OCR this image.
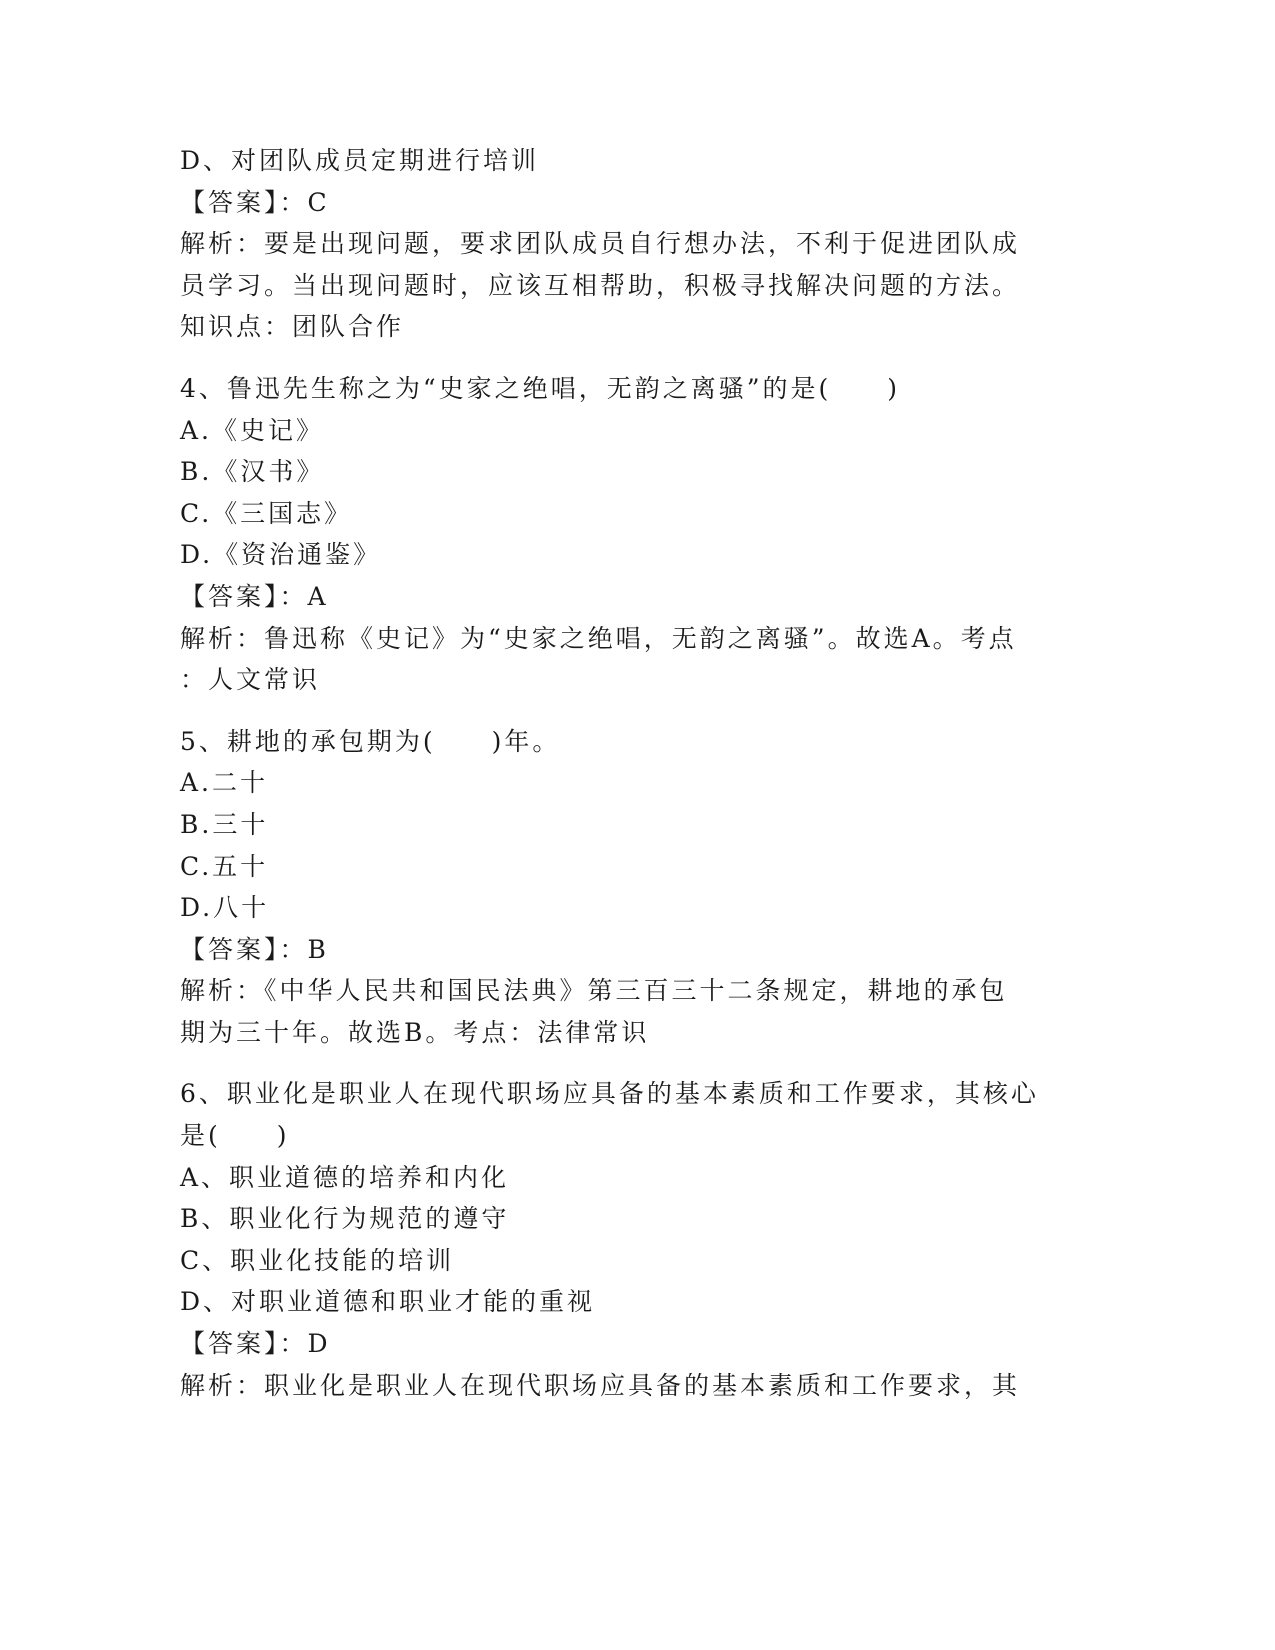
D、对团队成员定期进行培训

【答案】：C

解析：要是出现问题，要求团队成员自行想办法，不利于促进团队成

员学习。当出现问题时，应该互相帮助，积极寻找解决问题的方法。

知识点：团队合作

4、鲁迅先生称之为“史家之绝唱，无韵之离骚”的是(　　)

A.《史记》

B.《汉书》

C.《三国志》

D.《资治通鉴》

【答案】：A

解析：鲁迅称《史记》为“史家之绝唱，无韵之离骚”。故选A。考点

：人文常识

5、耕地的承包期为(　　)年。

A.二十

B.三十

C.五十

D.八十

【答案】：B

解析：《中华人民共和国民法典》第三百三十二条规定，耕地的承包

期为三十年。故选B。考点：法律常识

6、职业化是职业人在现代职场应具备的基本素质和工作要求，其核心

是(　　)

A、职业道德的培养和内化

B、职业化行为规范的遵守

C、职业化技能的培训

D、对职业道德和职业才能的重视

【答案】：D

解析：职业化是职业人在现代职场应具备的基本素质和工作要求，其
